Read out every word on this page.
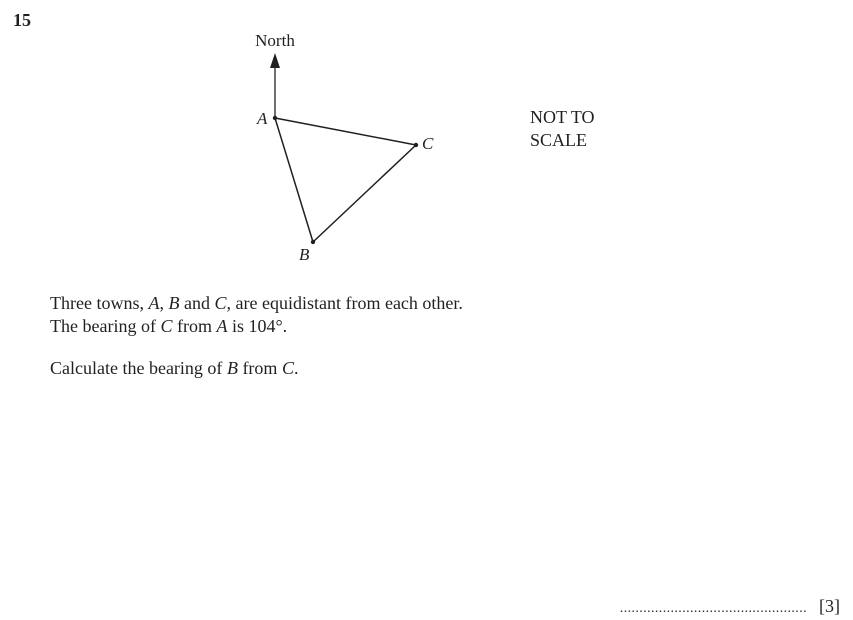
15
North
A
C
B
NOT TO
SCALE

Three towns, A, B and C, are equidistant from each other.

The bearing of C from A is 104°.

Calculate the bearing of B from C.

................................................ [3]
